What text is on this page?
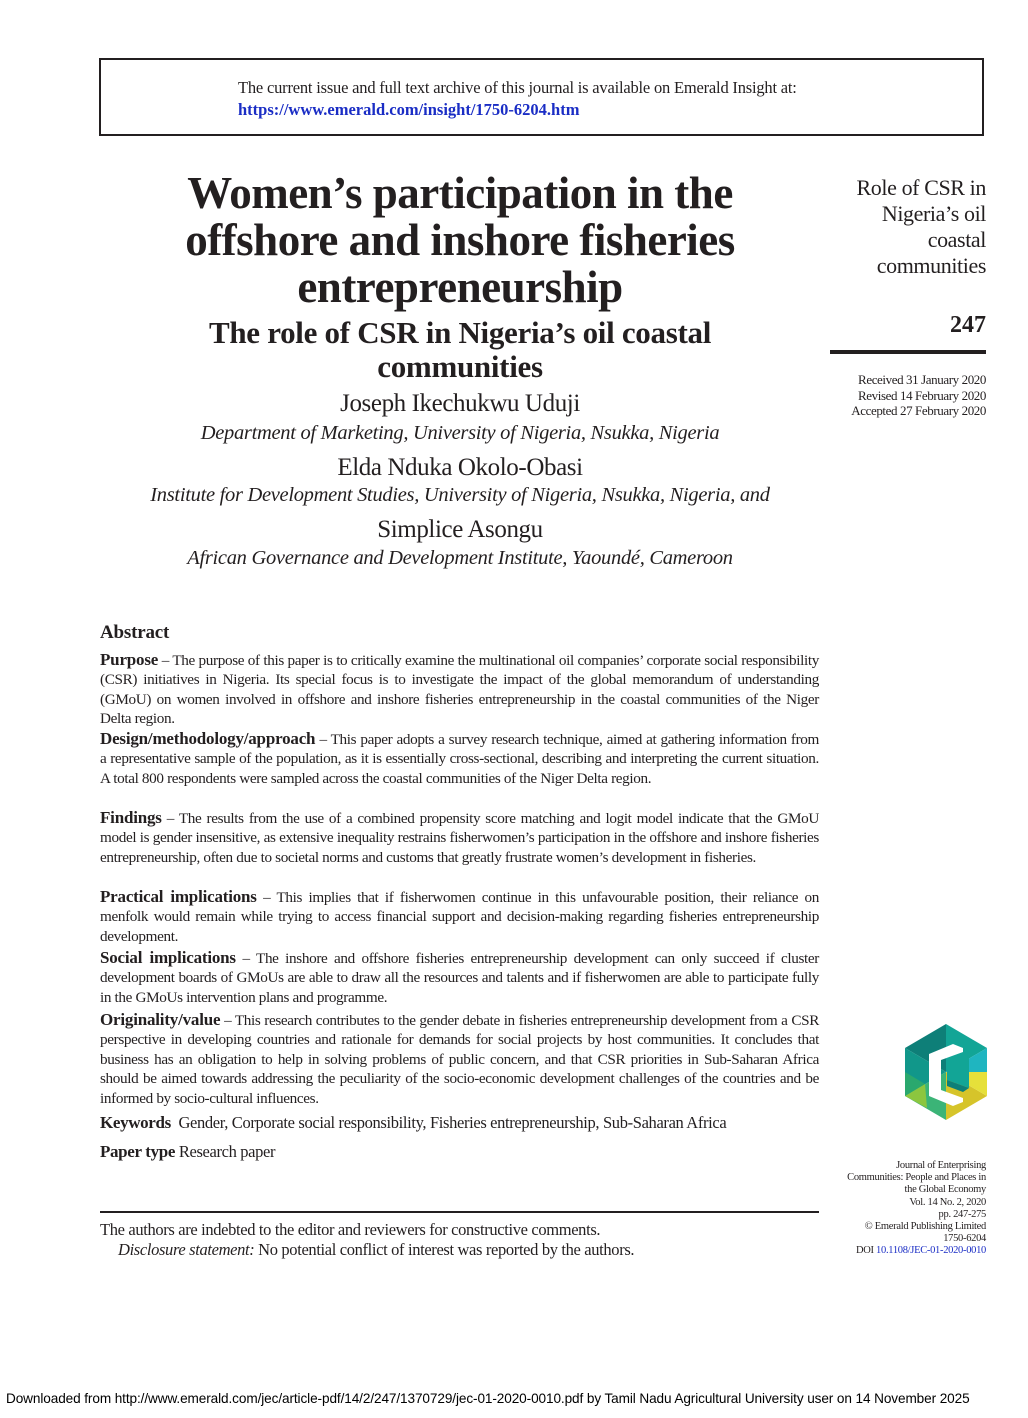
The current issue and full text archive of this journal is available on Emerald Insight at:
https://www.emerald.com/insight/1750-6204.htm
Women’s participation in the
offshore and inshore fisheries
entrepreneurship
The role of CSR in Nigeria’s oil coastal
communities
Joseph Ikechukwu Uduji
Department of Marketing, University of Nigeria, Nsukka, Nigeria
Elda Nduka Okolo-Obasi
Institute for Development Studies, University of Nigeria, Nsukka, Nigeria, and
Simplice Asongu
African Governance and Development Institute, Yaoundé, Cameroon
Role of CSR in
Nigeria’s oil
coastal
communities
247
Received 31 January 2020
Revised 14 February 2020
Accepted 27 February 2020
Abstract
Purpose – The purpose of this paper is to critically examine the multinational oil companies’ corporate social responsibility (CSR) initiatives in Nigeria. Its special focus is to investigate the impact of the global memorandum of understanding (GMoU) on women involved in offshore and inshore fisheries entrepreneurship in the coastal communities of the Niger Delta region.
Design/methodology/approach – This paper adopts a survey research technique, aimed at gathering information from a representative sample of the population, as it is essentially cross-sectional, describing and interpreting the current situation. A total 800 respondents were sampled across the coastal communities of the Niger Delta region.
Findings – The results from the use of a combined propensity score matching and logit model indicate that the GMoU model is gender insensitive, as extensive inequality restrains fisherwomen’s participation in the offshore and inshore fisheries entrepreneurship, often due to societal norms and customs that greatly frustrate women’s development in fisheries.
Practical implications – This implies that if fisherwomen continue in this unfavourable position, their reliance on menfolk would remain while trying to access financial support and decision-making regarding fisheries entrepreneurship development.
Social implications – The inshore and offshore fisheries entrepreneurship development can only succeed if cluster development boards of GMoUs are able to draw all the resources and talents and if fisherwomen are able to participate fully in the GMoUs intervention plans and programme.
Originality/value – This research contributes to the gender debate in fisheries entrepreneurship development from a CSR perspective in developing countries and rationale for demands for social projects by host communities. It concludes that business has an obligation to help in solving problems of public concern, and that CSR priorities in Sub-Saharan Africa should be aimed towards addressing the peculiarity of the socio-economic development challenges of the countries and be informed by socio-cultural influences.
Keywords Gender, Corporate social responsibility, Fisheries entrepreneurship, Sub-Saharan Africa
Paper type Research paper
Journal of Enterprising
Communities: People and Places in
the Global Economy
Vol. 14 No. 2, 2020
pp. 247-275
© Emerald Publishing Limited
1750-6204
DOI 10.1108/JEC-01-2020-0010
The authors are indebted to the editor and reviewers for constructive comments.
Disclosure statement: No potential conflict of interest was reported by the authors.
Downloaded from http://www.emerald.com/jec/article-pdf/14/2/247/1370729/jec-01-2020-0010.pdf by Tamil Nadu Agricultural University user on 14 November 2025
